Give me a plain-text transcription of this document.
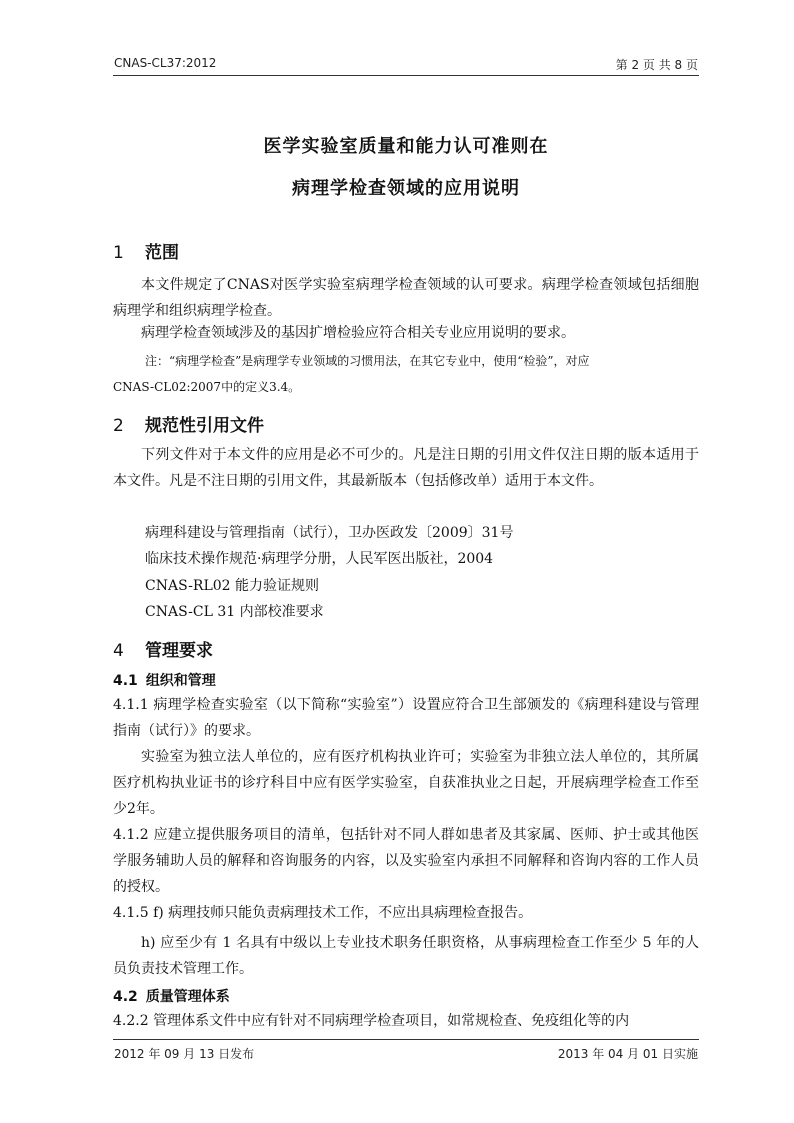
CNAS-CL37:2012	第 2 页 共 8 页
医学实验室质量和能力认可准则在
病理学检查领域的应用说明
1 范围

本文件规定了CNAS对医学实验室病理学检查领域的认可要求。病理学检查领域包括细胞病理学和组织病理学检查。

病理学检查领域涉及的基因扩增检验应符合相关专业应用说明的要求。

注：“病理学检查”是病理学专业领域的习惯用法，在其它专业中，使用“检验”，对应

CNAS-CL02:2007中的定义3.4。

2 规范性引用文件

下列文件对于本文件的应用是必不可少的。凡是注日期的引用文件仅注日期的版本适用于本文件。凡是不注日期的引用文件，其最新版本（包括修改单）适用于本文件。

病理科建设与管理指南（试行），卫办医政发〔2009〕31号
临床技术操作规范·病理学分册，人民军医出版社，2004
CNAS-RL02 能力验证规则
CNAS-CL 31 内部校准要求
4 管理要求
4.1 组织和管理

4.1.1 病理学检查实验室（以下简称“实验室”）设置应符合卫生部颁发的《病理科建设与管理指南（试行）》的要求。

实验室为独立法人单位的，应有医疗机构执业许可；实验室为非独立法人单位的，其所属医疗机构执业证书的诊疗科目中应有医学实验室，自获准执业之日起，开展病理学检查工作至少2年。

4.1.2 应建立提供服务项目的清单，包括针对不同人群如患者及其家属、医师、护士或其他医学服务辅助人员的解释和咨询服务的内容，以及实验室内承担不同解释和咨询内容的工作人员的授权。

4.1.5 f) 病理技师只能负责病理技术工作，不应出具病理检查报告。

h) 应至少有 1 名具有中级以上专业技术职务任职资格，从事病理检查工作至少 5 年的人员负责技术管理工作。

4.2 质量管理体系

4.2.2 管理体系文件中应有针对不同病理学检查项目，如常规检查、免疫组化等的内

2012 年 09 月 13 日发布	2013 年 04 月 01 日实施
